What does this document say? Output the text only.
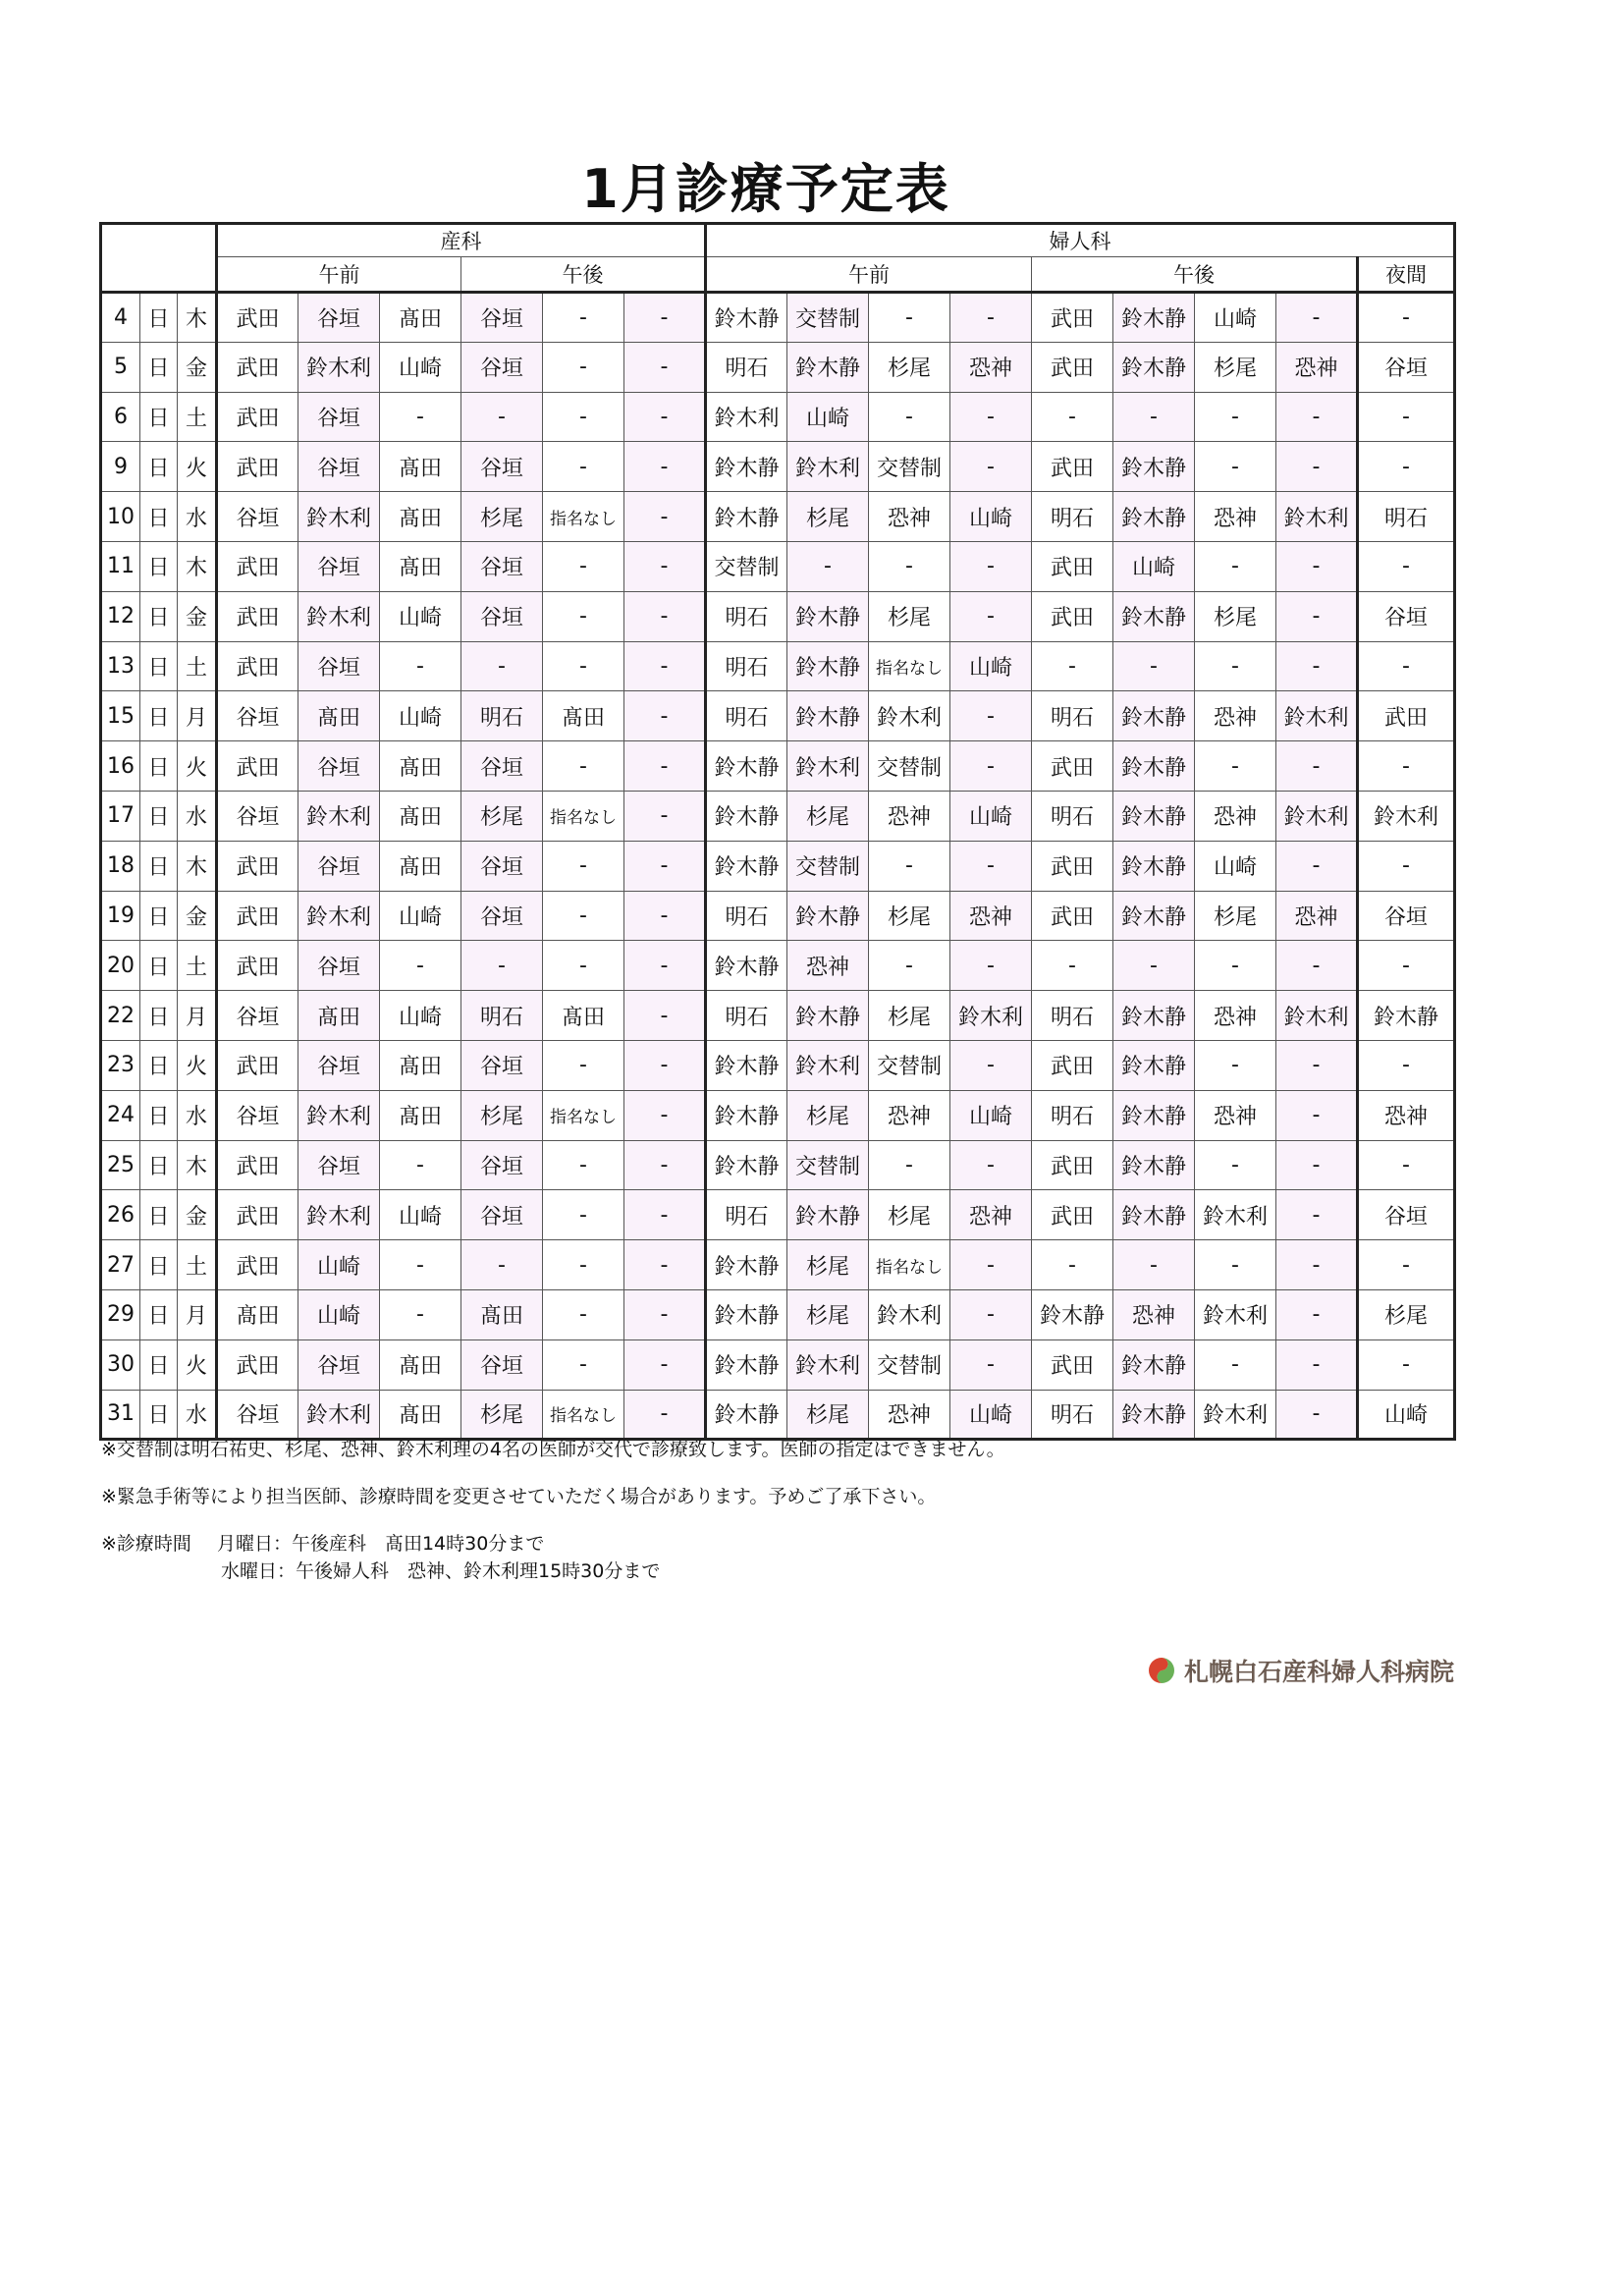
1月診療予定表
			産科						婦人科								
			午前			午後			午前				午後				夜間
4	日	木	武田	谷垣	髙田	谷垣	-	-	鈴木静	交替制	-	-	武田	鈴木静	山崎	-	-
5	日	金	武田	鈴木利	山崎	谷垣	-	-	明石	鈴木静	杉尾	恐神	武田	鈴木静	杉尾	恐神	谷垣
6	日	土	武田	谷垣	-	-	-	-	鈴木利	山崎	-	-	-	-	-	-	-
9	日	火	武田	谷垣	髙田	谷垣	-	-	鈴木静	鈴木利	交替制	-	武田	鈴木静	-	-	-
10	日	水	谷垣	鈴木利	髙田	杉尾	指名なし	-	鈴木静	杉尾	恐神	山崎	明石	鈴木静	恐神	鈴木利	明石
11	日	木	武田	谷垣	髙田	谷垣	-	-	交替制	-	-	-	武田	山崎	-	-	-
12	日	金	武田	鈴木利	山崎	谷垣	-	-	明石	鈴木静	杉尾	-	武田	鈴木静	杉尾	-	谷垣
13	日	土	武田	谷垣	-	-	-	-	明石	鈴木静	指名なし	山崎	-	-	-	-	-
15	日	月	谷垣	髙田	山崎	明石	髙田	-	明石	鈴木静	鈴木利	-	明石	鈴木静	恐神	鈴木利	武田
16	日	火	武田	谷垣	髙田	谷垣	-	-	鈴木静	鈴木利	交替制	-	武田	鈴木静	-	-	-
17	日	水	谷垣	鈴木利	髙田	杉尾	指名なし	-	鈴木静	杉尾	恐神	山崎	明石	鈴木静	恐神	鈴木利	鈴木利
18	日	木	武田	谷垣	髙田	谷垣	-	-	鈴木静	交替制	-	-	武田	鈴木静	山崎	-	-
19	日	金	武田	鈴木利	山崎	谷垣	-	-	明石	鈴木静	杉尾	恐神	武田	鈴木静	杉尾	恐神	谷垣
20	日	土	武田	谷垣	-	-	-	-	鈴木静	恐神	-	-	-	-	-	-	-
22	日	月	谷垣	髙田	山崎	明石	髙田	-	明石	鈴木静	杉尾	鈴木利	明石	鈴木静	恐神	鈴木利	鈴木静
23	日	火	武田	谷垣	髙田	谷垣	-	-	鈴木静	鈴木利	交替制	-	武田	鈴木静	-	-	-
24	日	水	谷垣	鈴木利	髙田	杉尾	指名なし	-	鈴木静	杉尾	恐神	山崎	明石	鈴木静	恐神	-	恐神
25	日	木	武田	谷垣	-	谷垣	-	-	鈴木静	交替制	-	-	武田	鈴木静	-	-	-
26	日	金	武田	鈴木利	山崎	谷垣	-	-	明石	鈴木静	杉尾	恐神	武田	鈴木静	鈴木利	-	谷垣
27	日	土	武田	山崎	-	-	-	-	鈴木静	杉尾	指名なし	-	-	-	-	-	-
29	日	月	髙田	山崎	-	髙田	-	-	鈴木静	杉尾	鈴木利	-	鈴木静	恐神	鈴木利	-	杉尾
30	日	火	武田	谷垣	髙田	谷垣	-	-	鈴木静	鈴木利	交替制	-	武田	鈴木静	-	-	-
31	日	水	谷垣	鈴木利	髙田	杉尾	指名なし	-	鈴木静	杉尾	恐神	山崎	明石	鈴木静	鈴木利	-	山崎
※交替制は明石祐史、杉尾、恐神、鈴木利理の4名の医師が交代で診療致します。医師の指定はできません。
※緊急手術等により担当医師、診療時間を変更させていただく場合があります。予めご了承下さい。
※診療時間 月曜日：午後産科　髙田14時30分まで
水曜日：午後婦人科　恐神、鈴木利理15時30分まで
札幌白石産科婦人科病院
